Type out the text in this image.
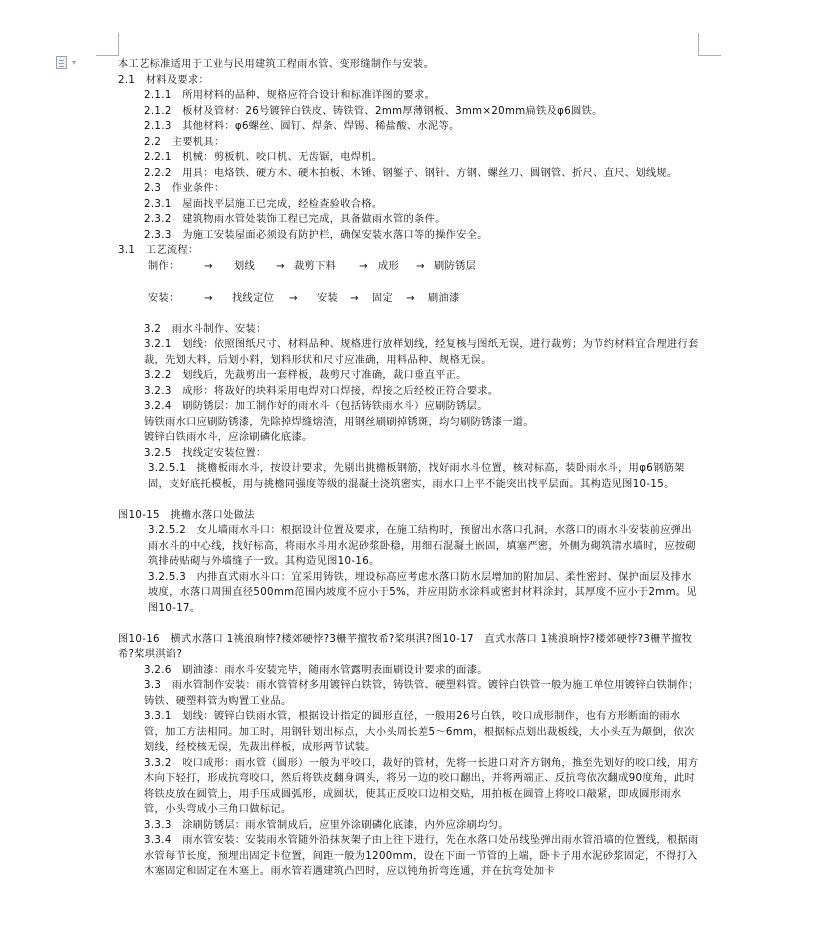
▾	本工艺标准适用于工业与民用建筑工程雨水管、变形缝制作与安装。
2.1　材料及要求：
2.1.1　所用材料的品种、规格应符合设计和标准详图的要求。
2.1.2　板材及管材：26号镀锌白铁皮、铸铁管、2mm厚薄钢板、3mm×20mm扁铁及φ6圆铁。
2.1.3　其他材料：φ6螺丝、圆钉、焊条、焊锡、稀盐酸、水泥等。
2.2　主要机具：
2.2.1　机械：剪板机、咬口机、无齿锯，电焊机。
2.2.2　用具：电烙铁、硬方木、硬木拍板、木锤、钢錾子、钢针、方钢、螺丝刀、圆钢管、折尺、直尺、划线规。
2.3　作业条件：
2.3.1　屋面找平层施工已完成，经检查验收合格。
2.3.2　建筑物雨水管处装饰工程已完成，具备做雨水管的条件。
2.3.3　为施工安装屋面必须设有防护栏，确保安装水落口等的操作安全。
3.1　工艺流程：
制作：	→	划线	→ 裁剪下料	→ 成形	→ 刷防锈层
安装：	→	找线定位	→	安装	→	固定	→	刷油漆
3.2　雨水斗制作、安装：
3.2.1　划线：依照图纸尺寸、材料品种、规格进行放样划线，经复核与图纸无误，进行裁剪；为节约材料宜合理进行套裁，先划大料，后划小料，划料形状和尺寸应准确，用料品种、规格无误。
3.2.2　划线后，先裁剪出一套样板，裁剪尺寸准确，裁口垂直平正。
3.2.3　成形：将裁好的块料采用电焊对口焊接，焊接之后经校正符合要求。
3.2.4　刷防锈层：加工制作好的雨水斗（包括铸铁雨水斗）应刷防锈层。
铸铁雨水口应刷防锈漆，先除掉焊缝熔渣，用钢丝刷刷掉锈斑，均匀刷防锈漆一道。
镀锌白铁雨水斗，应涂刷磷化底漆。
3.2.5　找线定安装位置：
3.2.5.1　挑檐板雨水斗，按设计要求，先剔出挑檐板钢筋，找好雨水斗位置，核对标高，装卧雨水斗，用φ6钢筋架固，支好底托模板，用与挑檐同强度等级的混凝土浇筑密实，雨水口上平不能突出找平层面。其构造见图10-15。
图10-15　挑檐水落口处做法
3.2.5.2　女儿墙雨水斗口：根据设计位置及要求，在施工结构时，预留出水落口孔洞，水落口的雨水斗安装前应弹出雨水斗的中心线，找好标高，将雨水斗用水泥砂浆卧稳，用细石混凝土嵌固，填塞严密，外侧为砌筑清水墙时，应按砌筑排砖贴砌与外墙缝子一致。其构造见图10-16。
3.2.5.3　内排直式雨水斗口：宜采用铸铁，埋设标高应考虑水落口防水层增加的附加层、柔性密封、保护面层及排水坡度，水落口周围直径500mm范围内坡度不应小于5%，并应用防水涂料或密封材料涂封，其厚度不应小于2mm。见图10-17。
图10-16　横式水落口 1祧浪珦悖?楼郊硬悖?3栅芊擅牧希?桨琪淇?图10-17　直式水落口 1祧浪珦悖?楼郊硬悖?3栅芊擅牧希?桨琪淇谄?
3.2.6　刷油漆：雨水斗安装完毕，随雨水管露明表面刷设计要求的面漆。
3.3　雨水管制作安装：雨水管管材多用镀锌白铁管，铸铁管、硬塑料管。镀锌白铁管一般为施工单位用镀锌白铁制作；铸铁、硬塑料管为购置工业品。
3.3.1　划线：镀锌白铁雨水管，根据设计指定的圆形直径，一般用26号白铁，咬口成形制作，也有方形断面的雨水管，加工方法相同。加工时，用钢针划出标点，大小头周长差5～6mm，根据标点划出裁板线，大小头互为颠倒，依次划线，经校核无误，先裁出样板，成形两节试装。
3.3.2　咬口成形：雨水管（圆形）一般为平咬口，裁好的管材，先将一长进口对齐方钢角，推至先划好的咬口线，用方木向下轻打，形成抗弯咬口，然后将铁皮翻身调头，将另一边的咬口翻出，并将两端正、反抗弯依次翻成90度角，此时将铁皮放在圆管上，用手压成圆弧形，成圆状，使其正反咬口边相交贴，用拍板在圆管上将咬口敲紧，即成圆形雨水管，小头弯成小三角口做标记。
3.3.3　涂刷防锈层：雨水管制成后，应里外涂刷磷化底漆，内外应涂刷均匀。
3.3.4　雨水管安装：安装雨水管随外沿抹灰架子由上往下进行，先在水落口处吊线坠弹出雨水管沿墙的位置线，根据雨水管每节长度，预埋出固定卡位置，间距一般为1200mm，设在下面一节管的上端，卧卡子用水泥砂浆固定，不得打入木塞固定和固定在木塞上。雨水管若遇建筑凸凹时，应以钝角折弯连通，并在抗弯处加卡
